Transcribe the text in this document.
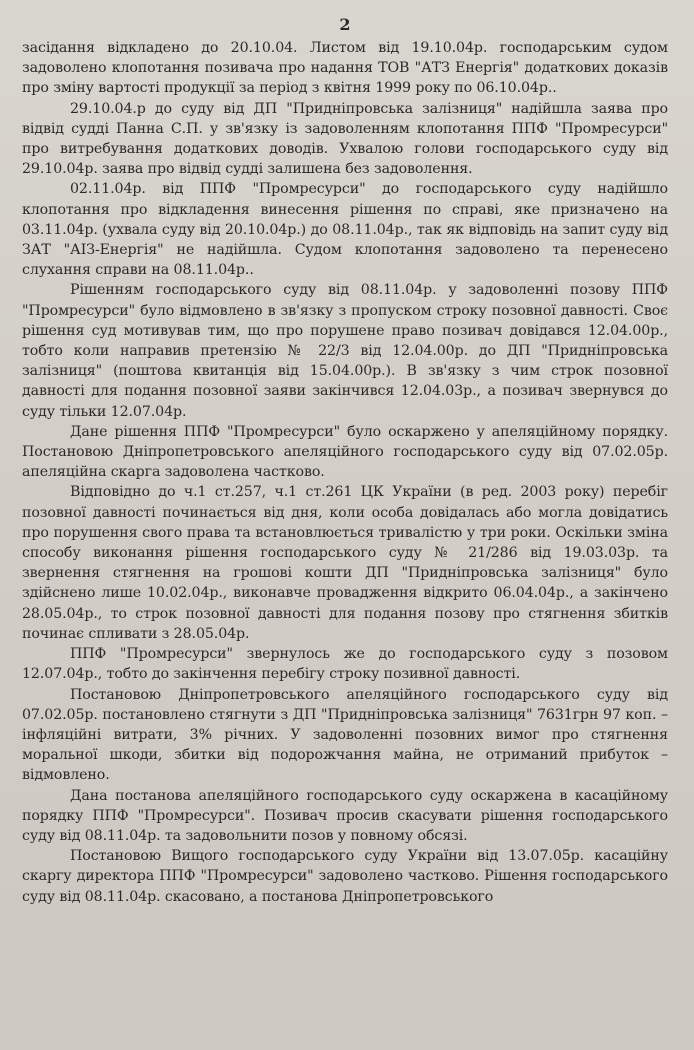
2

засідання відкладено до 20.10.04. Листом від 19.10.04р. господарським судом задоволено клопотання позивача про надання ТОВ "АТЗ Енергія" додаткових доказів про зміну вартості продукції за період з квітня 1999 року по 06.10.04р..

29.10.04.р до суду від ДП "Придніпровська залізниця" надійшла заява про відвід судді Панна С.П. у зв'язку із задоволенням клопотання ППФ "Промресурси" про витребування додаткових доводів. Ухвалою голови господарського суду від 29.10.04р. заява про відвід судді залишена без задоволення.

02.11.04р. від ППФ "Промресурси" до господарського суду надійшло клопотання про відкладення винесення рішення по справі, яке призначено на 03.11.04р. (ухвала суду від 20.10.04р.) до 08.11.04р., так як відповідь на запит суду від ЗАТ "АІЗ-Енергія" не надійшла. Судом клопотання задоволено та перенесено слухання справи на 08.11.04р..

Рішенням господарського суду від 08.11.04р. у задоволенні позову ППФ "Промресурси" було відмовлено в зв'язку з пропуском строку позовної давності. Своє рішення суд мотивував тим, що про порушене право позивач довідався 12.04.00р., тобто коли направив претензію № 22/3 від 12.04.00р. до ДП "Придніпровська залізниця" (поштова квитанція від 15.04.00р.). В зв'язку з чим строк позовної давності для подання позовної заяви закінчився 12.04.03р., а позивач звернувся до суду тільки 12.07.04р.

Дане рішення ППФ "Промресурси" було оскаржено у апеляційному порядку. Постановою Дніпропетровського апеляційного господарського суду від 07.02.05р. апеляційна скарга задоволена частково.

Відповідно до ч.1 ст.257, ч.1 ст.261 ЦК України (в ред. 2003 року) перебіг позовної давності починається від дня, коли особа довідалась або могла довідатись про порушення свого права та встановлюється тривалістю у три роки. Оскільки зміна способу виконання рішення господарського суду № 21/286 від 19.03.03р. та звернення стягнення на грошові кошти ДП "Придніпровська залізниця" було здійснено лише 10.02.04р., виконавче провадження відкрито 06.04.04р., а закінчено 28.05.04р., то строк позовної давності для подання позову про стягнення збитків починає спливати з 28.05.04р.

ППФ "Промресурси" звернулось же до господарського суду з позовом 12.07.04р., тобто до закінчення перебігу строку позивної давності.

Постановою Дніпропетровського апеляційного господарського суду від 07.02.05р. постановлено стягнути з ДП "Придніпровська залізниця" 7631грн 97 коп. – інфляційні витрати, 3% річних. У задоволенні позовних вимог про стягнення моральної шкоди, збитки від подорожчання майна, не отриманий прибуток – відмовлено.

Дана постанова апеляційного господарського суду оскаржена в касаційному порядку ППФ "Промресурси". Позивач просив скасувати рішення господарського суду від 08.11.04р. та задовольнити позов у повному обсязі.

Постановою Вищого господарського суду України від 13.07.05р. касаційну скаргу директора ППФ "Промресурси" задоволено частково. Рішення господарського суду від 08.11.04р. скасовано, а постанова Дніпропетровського
